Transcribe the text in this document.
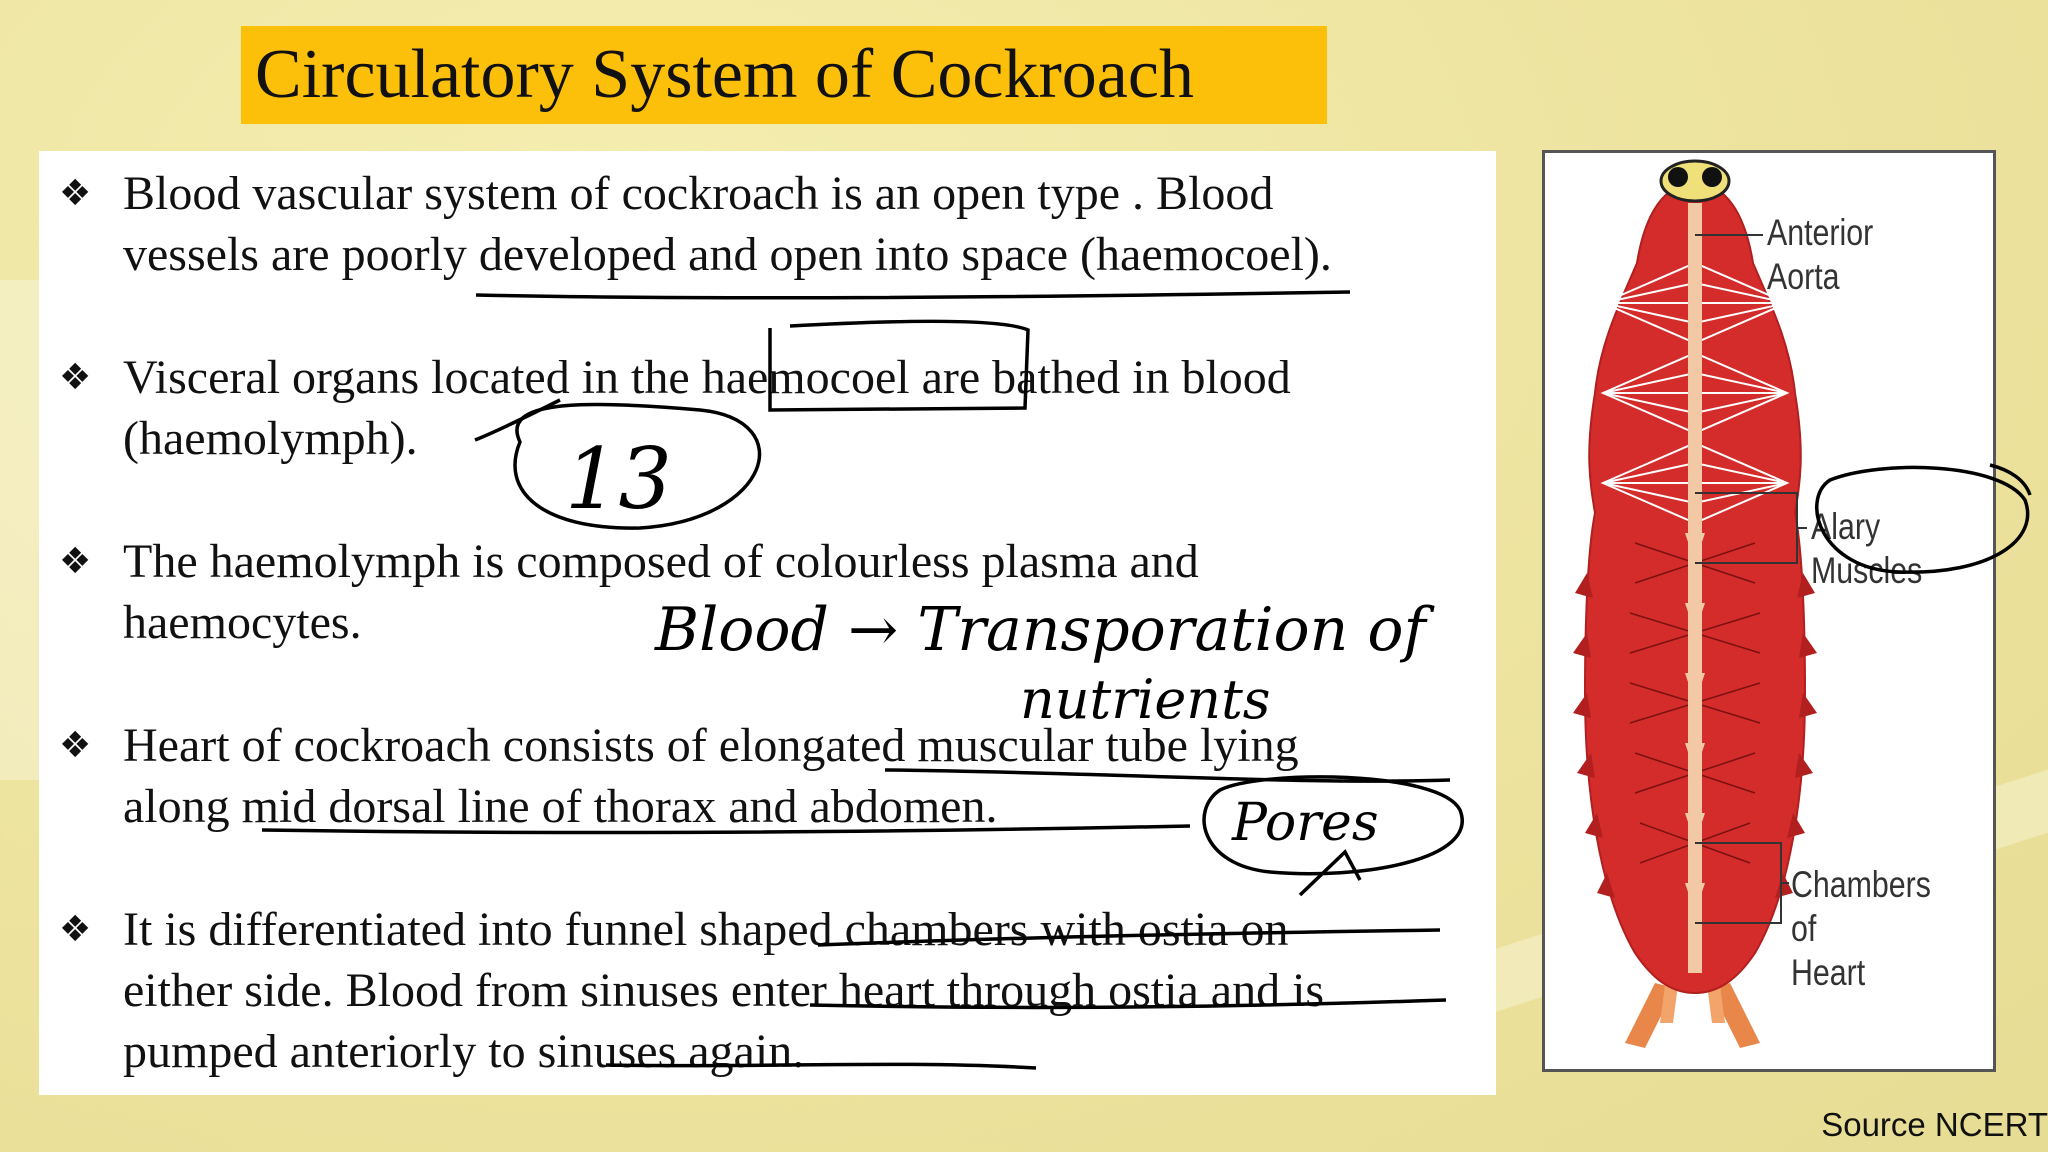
Circulatory System of Cockroach
❖ Blood vascular system of cockroach is an open type . Blood
vessels are poorly developed and open into space (haemocoel).
❖ Visceral organs located in the haemocoel are bathed in blood
(haemolymph).
❖ The haemolymph is composed of colourless plasma and
haemocytes.
❖ Heart of cockroach consists of elongated muscular tube lying
along mid dorsal line of thorax and abdomen.
❖ It is differentiated into funnel shaped chambers with ostia on
either side. Blood from sinuses enter heart through ostia and is
pumped anteriorly to sinuses again.
Anterior Aorta
Alary Muscles
Chambers of
Heart
Source NCERT
13
Blood → Transporation of
nutrients
Pores
